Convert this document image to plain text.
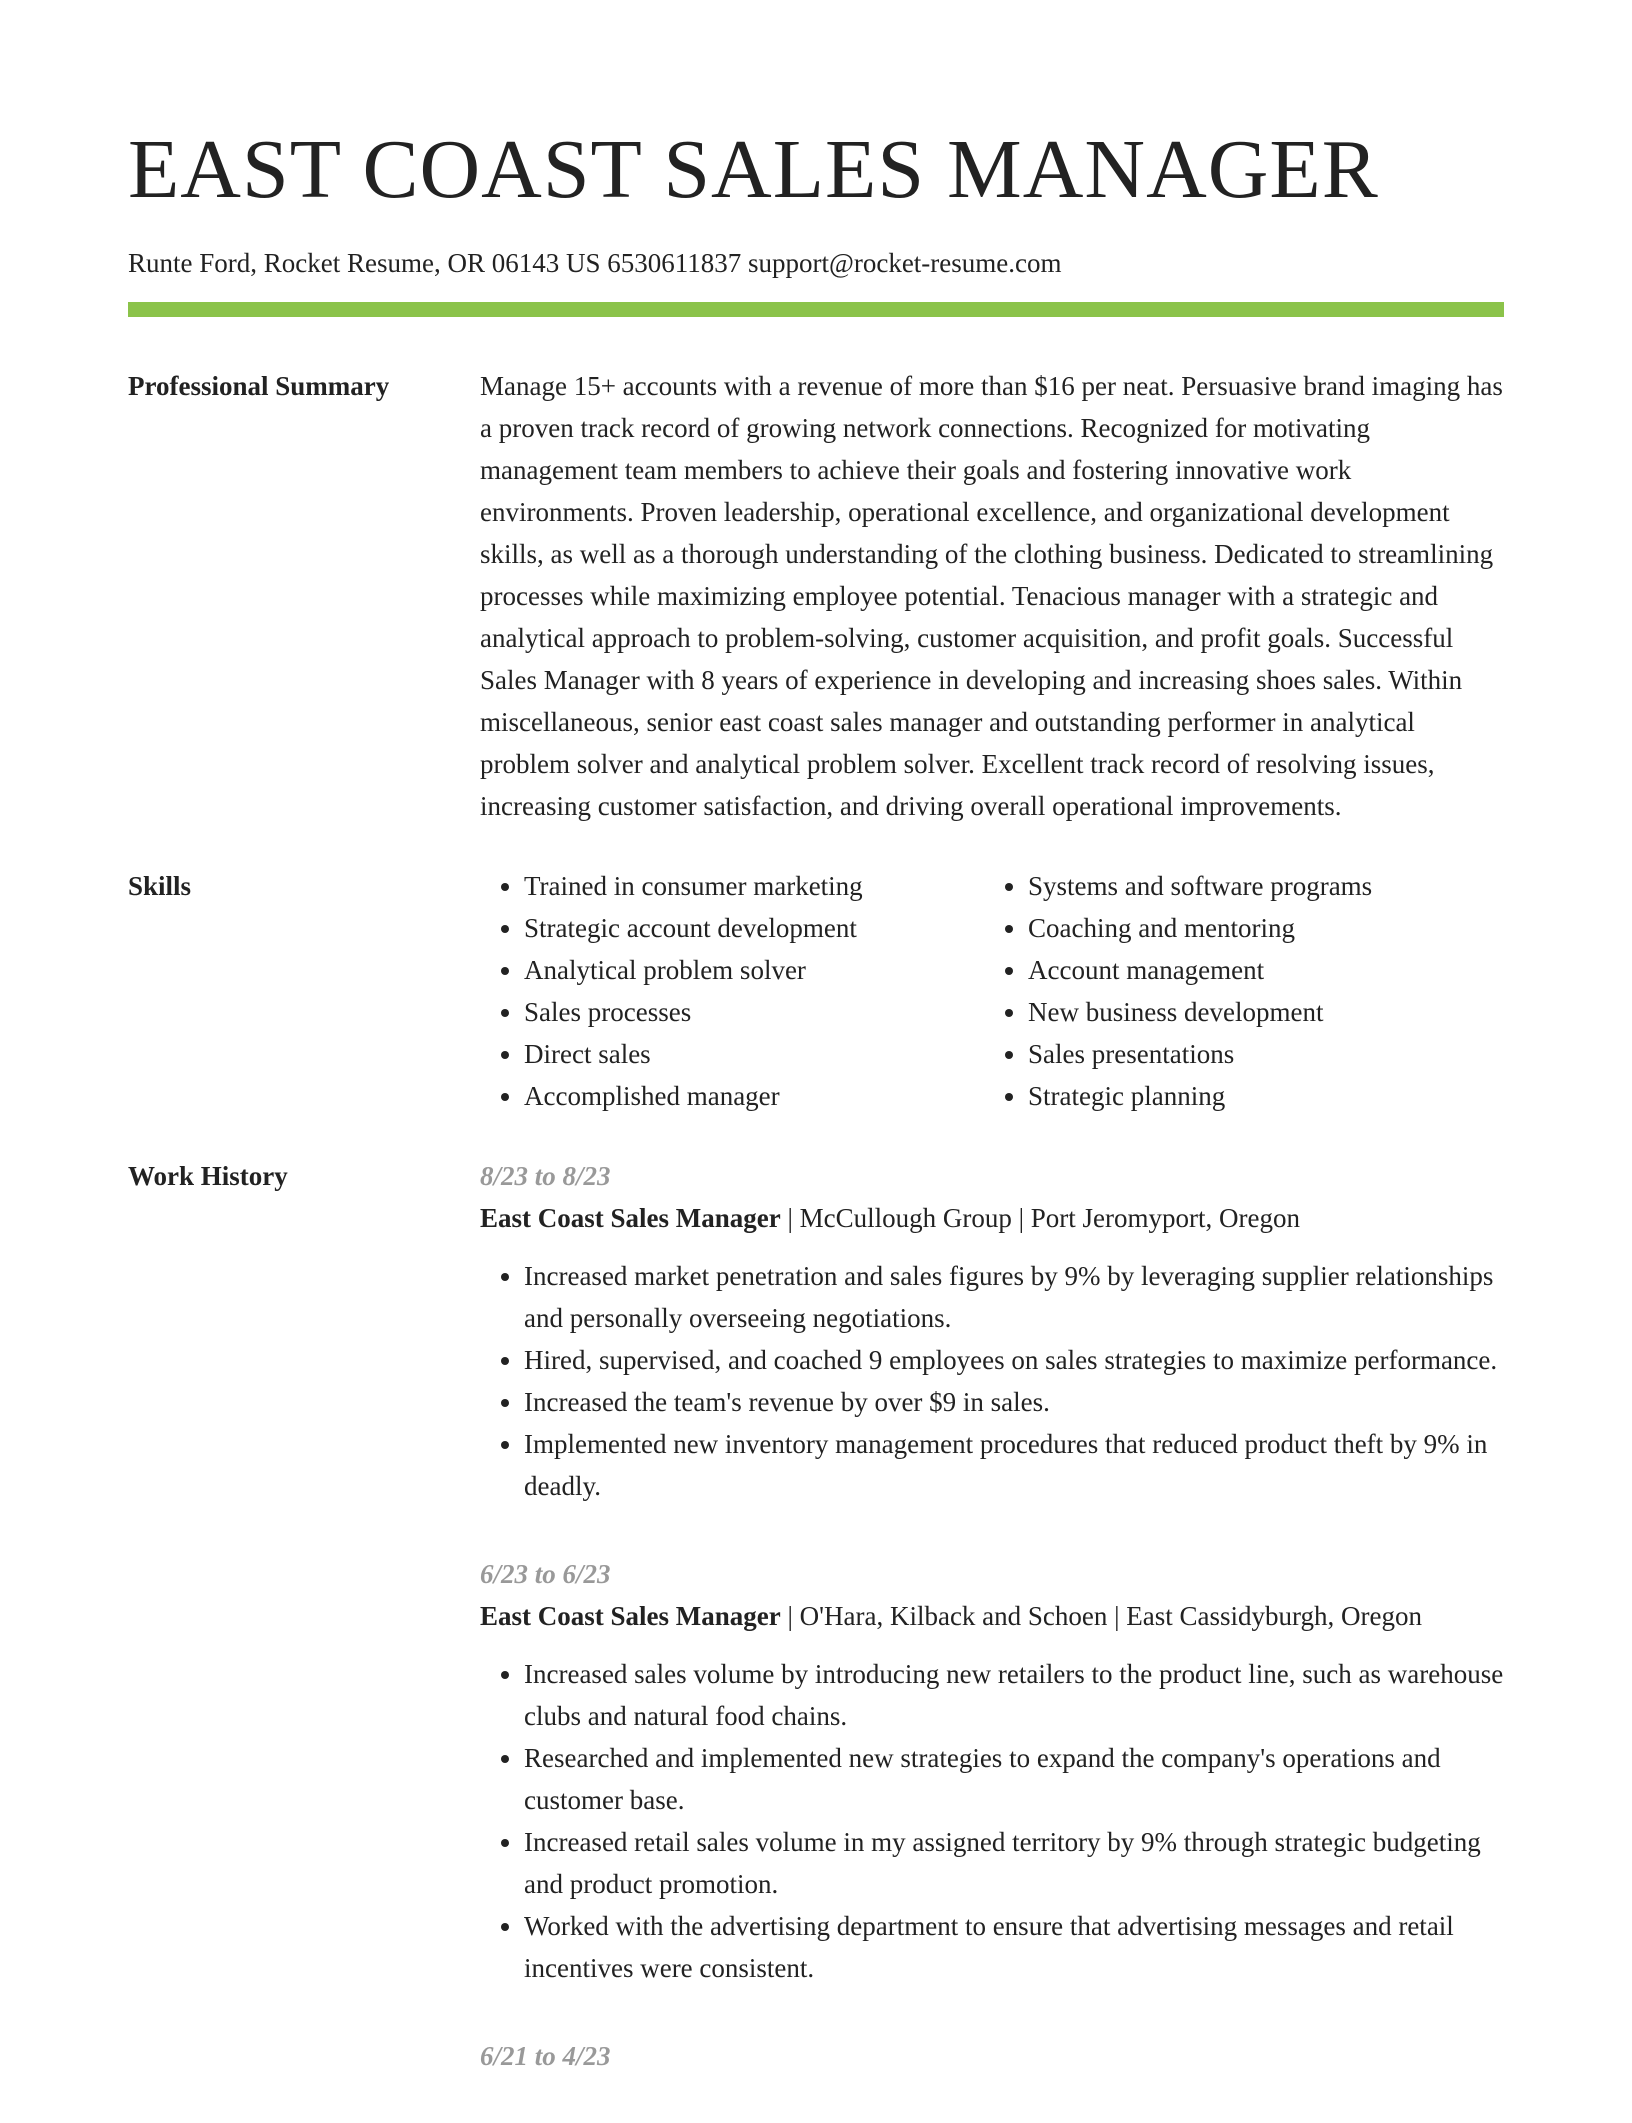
EAST COAST SALES MANAGER
Runte Ford, Rocket Resume, OR 06143 US 6530611837 support@rocket-resume.com
Professional Summary	Manage 15+ accounts with a revenue of more than $16 per neat. Persuasive brand imaging has a proven track record of growing network connections. Recognized for motivating management team members to achieve their goals and fostering innovative work environments. Proven leadership, operational excellence, and organizational development skills, as well as a thorough understanding of the clothing business. Dedicated to streamlining processes while maximizing employee potential. Tenacious manager with a strategic and analytical approach to problem-solving, customer acquisition, and profit goals. Successful Sales Manager with 8 years of experience in developing and increasing shoes sales. Within miscellaneous, senior east coast sales manager and outstanding performer in analytical problem solver and analytical problem solver. Excellent track record of resolving issues, increasing customer satisfaction, and driving overall operational improvements.

Skills
•	Trained in consumer marketing
• Strategic account development
• Analytical problem solver
• Sales processes
• Direct sales
• Accomplished manager
• Systems and software programs
• Coaching and mentoring
• Account management
• New business development
• Sales presentations
• Strategic planning
Work History	8/23 to 8/23
East Coast Sales Manager | McCullough Group | Port Jeromyport, Oregon
• Increased market penetration and sales figures by 9% by leveraging supplier relationships and personally overseeing negotiations.
• Hired, supervised, and coached 9 employees on sales strategies to maximize performance.
• Increased the team's revenue by over $9 in sales.
• Implemented new inventory management procedures that reduced product theft by 9% in deadly.
6/23 to 6/23
East Coast Sales Manager | O'Hara, Kilback and Schoen | East Cassidyburgh, Oregon
• Increased sales volume by introducing new retailers to the product line, such as warehouse clubs and natural food chains.
• Researched and implemented new strategies to expand the company's operations and customer base.
• Increased retail sales volume in my assigned territory by 9% through strategic budgeting and product promotion.
• Worked with the advertising department to ensure that advertising messages and retail incentives were consistent.
6/21 to 4/23
